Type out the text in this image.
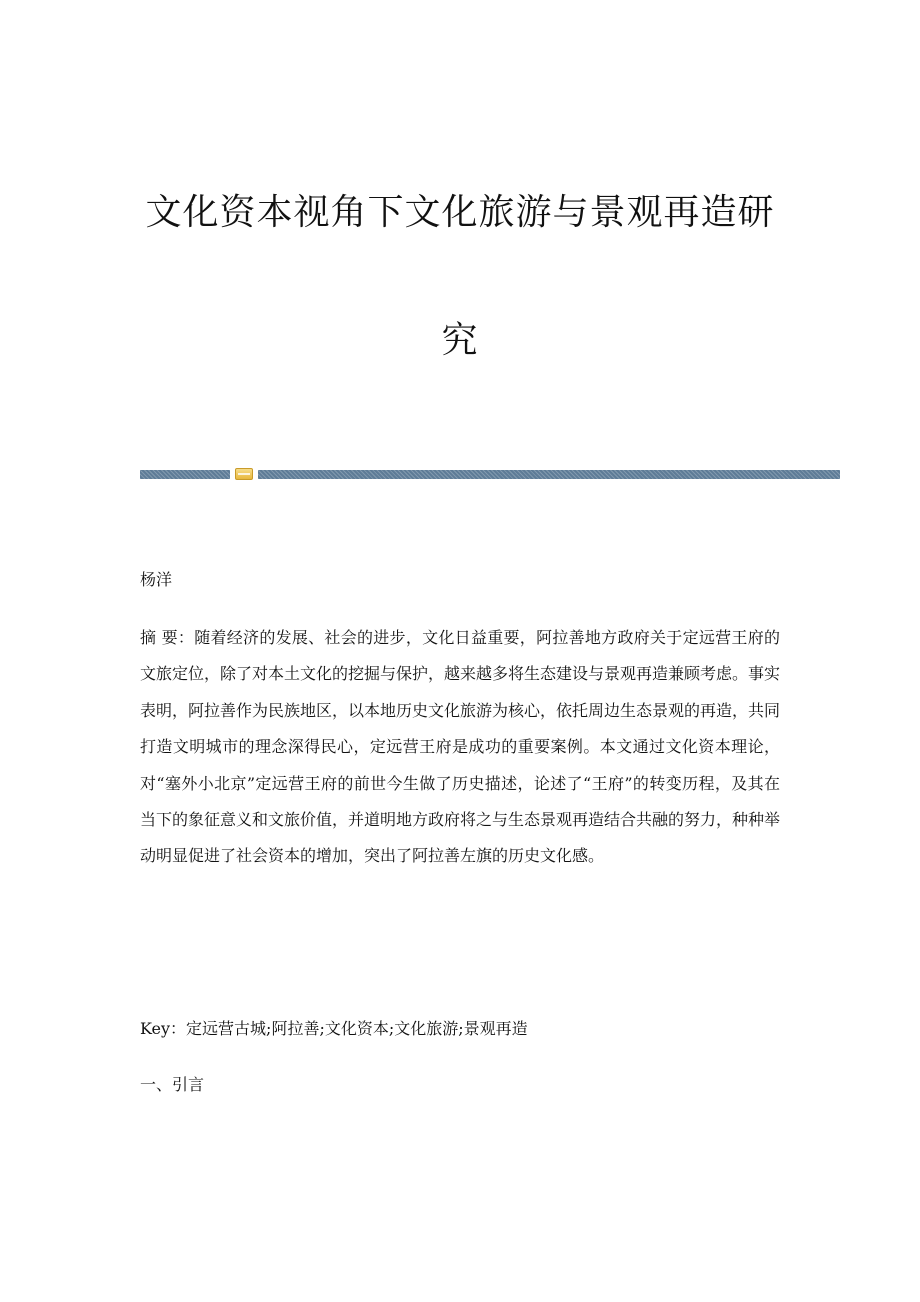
文化资本视角下文化旅游与景观再造研
究
杨洋

摘 要：随着经济的发展、社会的进步，文化日益重要，阿拉善地方政府关于定远营王府的文旅定位，除了对本土文化的挖掘与保护，越来越多将生态建设与景观再造兼顾考虑。事实表明，阿拉善作为民族地区，以本地历史文化旅游为核心，依托周边生态景观的再造，共同打造文明城市的理念深得民心，定远营王府是成功的重要案例。本文通过文化资本理论，对“塞外小北京”定远营王府的前世今生做了历史描述，论述了“王府”的转变历程，及其在当下的象征意义和文旅价值，并道明地方政府将之与生态景观再造结合共融的努力，种种举动明显促进了社会资本的增加，突出了阿拉善左旗的历史文化感。

Key：定远营古城;阿拉善;文化资本;文化旅游;景观再造
一、引言
